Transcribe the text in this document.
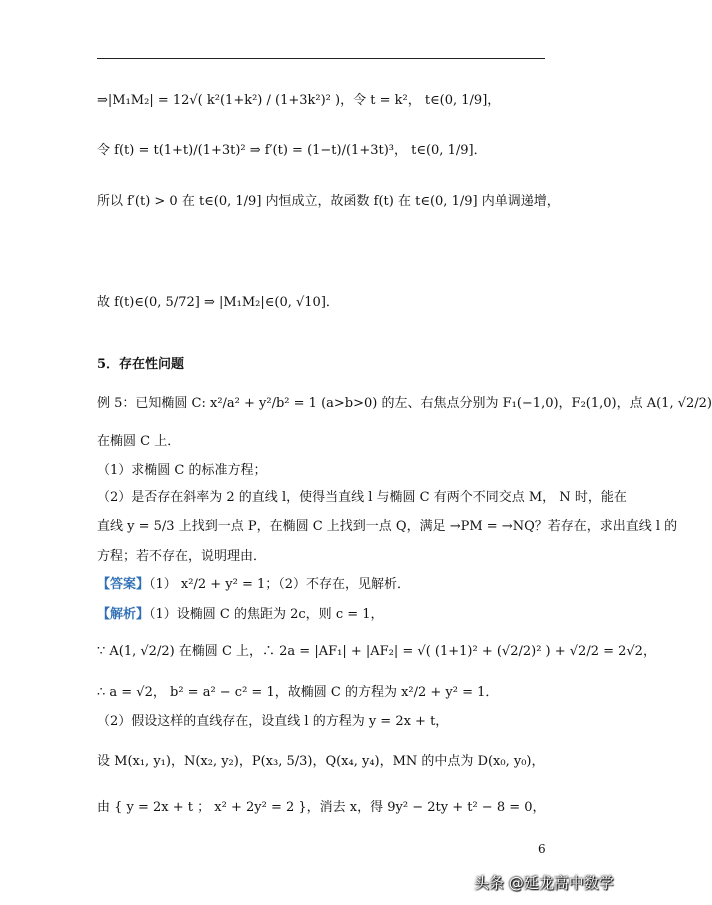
⇒|M₁M₂| = 12√( k²(1+k²) / (1+3k²)² )，令 t = k²， t∈(0, 1/9]，
令 f(t) = t(1+t)/(1+3t)² ⇒ f′(t) = (1−t)/(1+3t)³， t∈(0, 1/9]．
所以 f′(t) > 0 在 t∈(0, 1/9] 内恒成立，故函数 f(t) 在 t∈(0, 1/9] 内单调递增，
故 f(t)∈(0, 5/72] ⇒ |M₁M₂|∈(0, √10]．
5．存在性问题
例 5：已知椭圆 C: x²/a² + y²/b² = 1 (a>b>0) 的左、右焦点分别为 F₁(−1,0)，F₂(1,0)，点 A(1, √2/2)
在椭圆 C 上．
（1）求椭圆 C 的标准方程；
（2）是否存在斜率为 2 的直线 l，使得当直线 l 与椭圆 C 有两个不同交点 M， N 时，能在
直线 y = 5/3 上找到一点 P，在椭圆 C 上找到一点 Q，满足 →PM = →NQ？若存在，求出直线 l 的
方程；若不存在，说明理由．
【答案】（1） x²/2 + y² = 1；（2）不存在，见解析．
【解析】（1）设椭圆 C 的焦距为 2c，则 c = 1，
∵ A(1, √2/2) 在椭圆 C 上，∴ 2a = |AF₁| + |AF₂| = √( (1+1)² + (√2/2)² ) + √2/2 = 2√2，
∴ a = √2， b² = a² − c² = 1，故椭圆 C 的方程为 x²/2 + y² = 1．
（2）假设这样的直线存在，设直线 l 的方程为 y = 2x + t，
设 M(x₁, y₁)，N(x₂, y₂)，P(x₃, 5/3)，Q(x₄, y₄)，MN 的中点为 D(x₀, y₀)，
由 { y = 2x + t ； x² + 2y² = 2 }，消去 x，得 9y² − 2ty + t² − 8 = 0，
6
头条 @延龙高中数学
